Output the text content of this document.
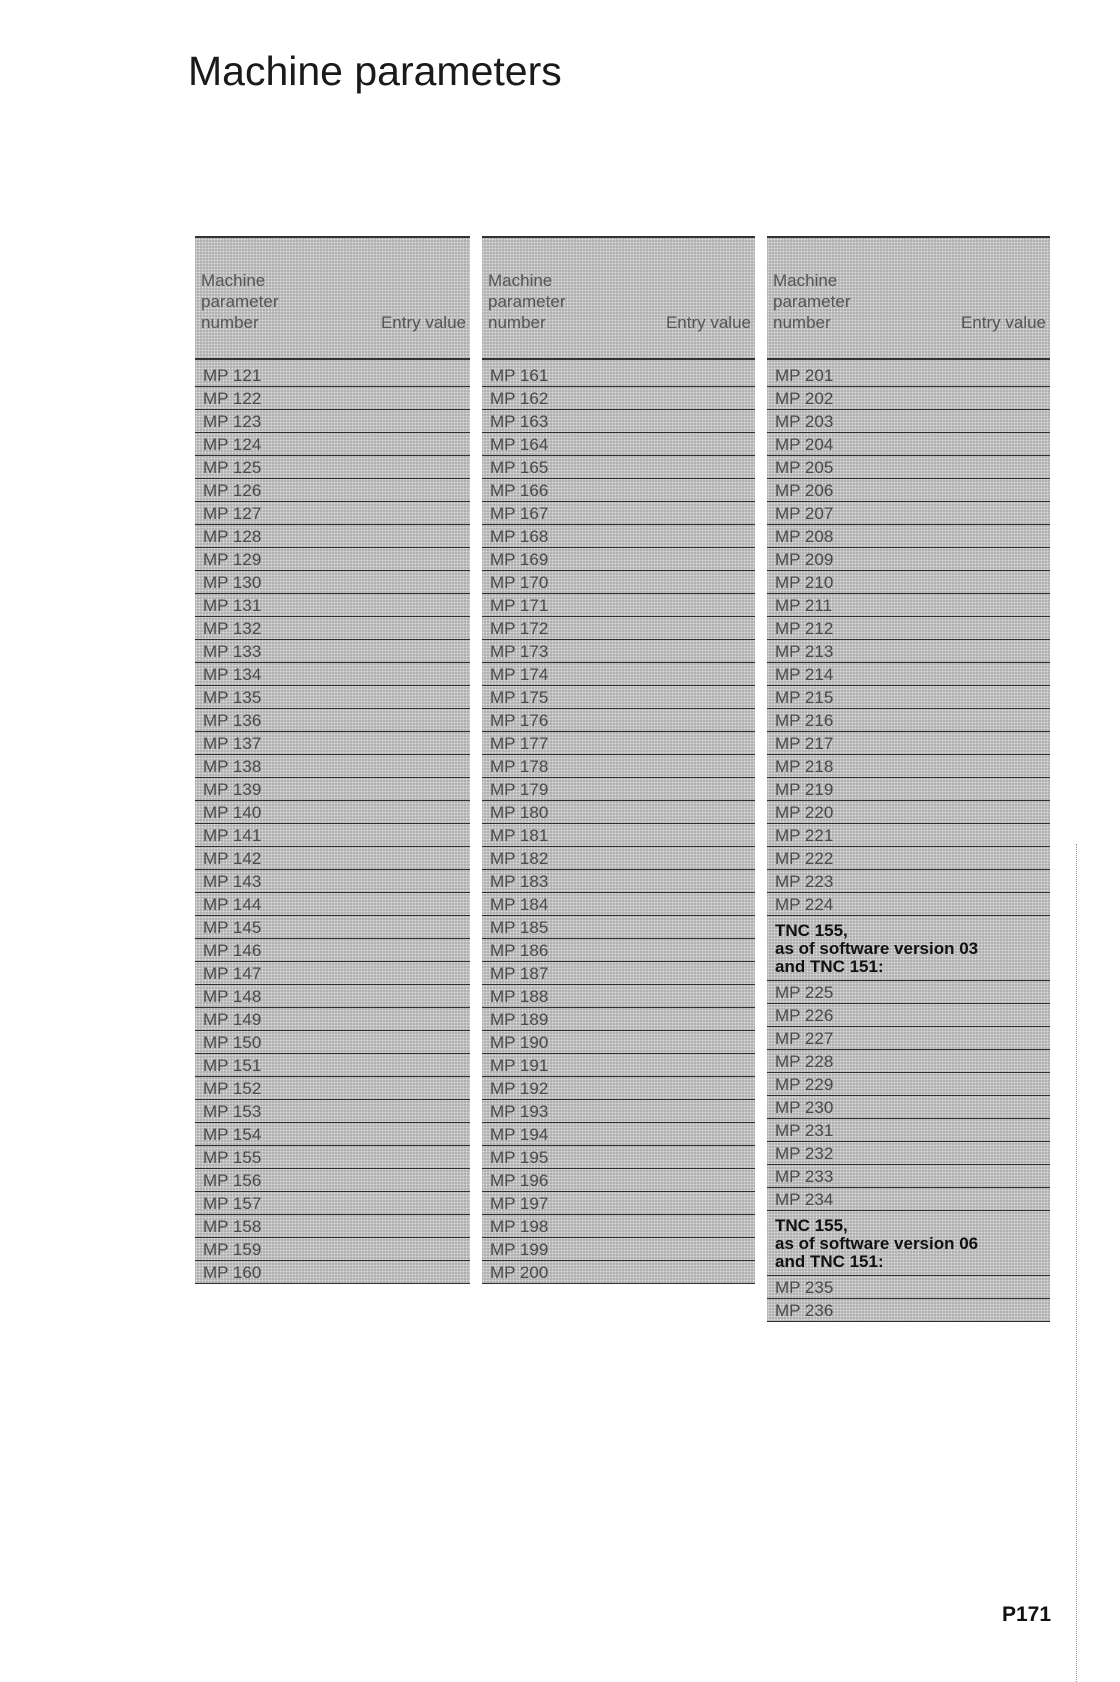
Machine parameters
Machine
parameter
number	Entry value
MP 121
MP 122
MP 123
MP 124
MP 125
MP 126
MP 127
MP 128
MP 129
MP 130
MP 131
MP 132
MP 133
MP 134
MP 135
MP 136
MP 137
MP 138
MP 139
MP 140
MP 141
MP 142
MP 143
MP 144
MP 145
MP 146
MP 147
MP 148
MP 149
MP 150
MP 151
MP 152
MP 153
MP 154
MP 155
MP 156
MP 157
MP 158
MP 159
MP 160
Machine
parameter
number	Entry value
MP 161
MP 162
MP 163
MP 164
MP 165
MP 166
MP 167
MP 168
MP 169
MP 170
MP 171
MP 172
MP 173
MP 174
MP 175
MP 176
MP 177
MP 178
MP 179
MP 180
MP 181
MP 182
MP 183
MP 184
MP 185
MP 186
MP 187
MP 188
MP 189
MP 190
MP 191
MP 192
MP 193
MP 194
MP 195
MP 196
MP 197
MP 198
MP 199
MP 200
Machine
parameter
number	Entry value
MP 201
MP 202
MP 203
MP 204
MP 205
MP 206
MP 207
MP 208
MP 209
MP 210
MP 211
MP 212
MP 213
MP 214
MP 215
MP 216
MP 217
MP 218
MP 219
MP 220
MP 221
MP 222
MP 223
MP 224
TNC 155,
as of software version 03
and TNC 151:
MP 225
MP 226
MP 227
MP 228
MP 229
MP 230
MP 231
MP 232
MP 233
MP 234
TNC 155,
as of software version 06
and TNC 151:
MP 235
MP 236
P171
